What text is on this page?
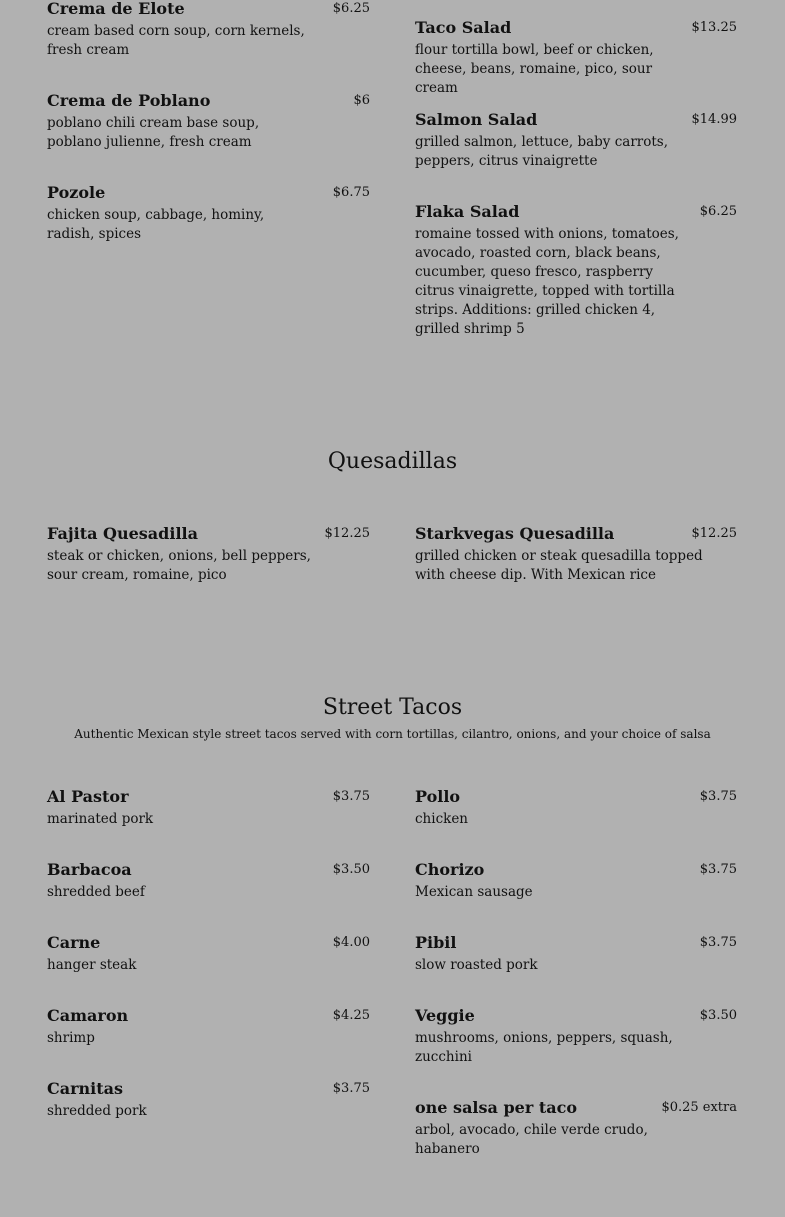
Crema de Elote	$6.25
cream based corn soup, corn kernels, fresh cream
Crema de Poblano	$6
poblano chili cream base soup, poblano julienne, fresh cream
Pozole	$6.75
chicken soup, cabbage, hominy, radish, spices
Taco Salad	$13.25
flour tortilla bowl, beef or chicken, cheese, beans, romaine, pico, sour cream
Salmon Salad	$14.99
grilled salmon, lettuce, baby carrots, peppers, citrus vinaigrette
Flaka Salad	$6.25
romaine tossed with onions, tomatoes, avocado, roasted corn, black beans, cucumber, queso fresco, raspberry citrus vinaigrette, topped with tortilla strips. Additions: grilled chicken 4, grilled shrimp 5
Quesadillas
Fajita Quesadilla	$12.25
steak or chicken, onions, bell peppers, sour cream, romaine, pico
Starkvegas Quesadilla	$12.25
grilled chicken or steak quesadilla topped with cheese dip. With Mexican rice
Street Tacos
Authentic Mexican style street tacos served with corn tortillas, cilantro, onions, and your choice of salsa
Al Pastor	$3.75
marinated pork
Barbacoa	$3.50
shredded beef
Carne	$4.00
hanger steak
Camaron	$4.25
shrimp
Carnitas	$3.75
shredded pork
Pollo	$3.75
chicken
Chorizo	$3.75
Mexican sausage
Pibil	$3.75
slow roasted pork
Veggie	$3.50
mushrooms, onions, peppers, squash, zucchini
one salsa per taco	$0.25 extra
arbol, avocado, chile verde crudo, habanero
